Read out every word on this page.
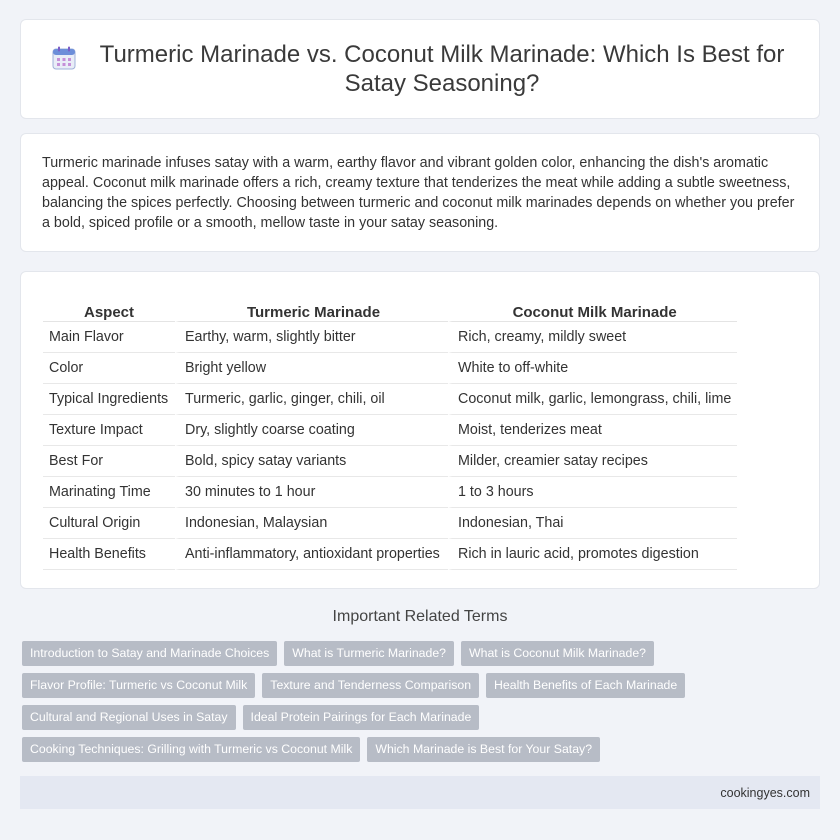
Turmeric Marinade vs. Coconut Milk Marinade: Which Is Best for Satay Seasoning?

Turmeric marinade infuses satay with a warm, earthy flavor and vibrant golden color, enhancing the dish's aromatic appeal. Coconut milk marinade offers a rich, creamy texture that tenderizes the meat while adding a subtle sweetness, balancing the spices perfectly. Choosing between turmeric and coconut milk marinades depends on whether you prefer a bold, spiced profile or a smooth, mellow taste in your satay seasoning.

Aspect	Turmeric Marinade	Coconut Milk Marinade
Main Flavor	Earthy, warm, slightly bitter	Rich, creamy, mildly sweet
Color	Bright yellow	White to off-white
Typical Ingredients	Turmeric, garlic, ginger, chili, oil	Coconut milk, garlic, lemongrass, chili, lime
Texture Impact	Dry, slightly coarse coating	Moist, tenderizes meat
Best For	Bold, spicy satay variants	Milder, creamier satay recipes
Marinating Time	30 minutes to 1 hour	1 to 3 hours
Cultural Origin	Indonesian, Malaysian	Indonesian, Thai
Health Benefits	Anti-inflammatory, antioxidant properties	Rich in lauric acid, promotes digestion
Important Related Terms
Introduction to Satay and Marinade Choices	What is Turmeric Marinade?	What is Coconut Milk Marinade?
Flavor Profile: Turmeric vs Coconut Milk	Texture and Tenderness Comparison	Health Benefits of Each Marinade
Cultural and Regional Uses in Satay	Ideal Protein Pairings for Each Marinade
Cooking Techniques: Grilling with Turmeric vs Coconut Milk	Which Marinade is Best for Your Satay?
cookingyes.com
